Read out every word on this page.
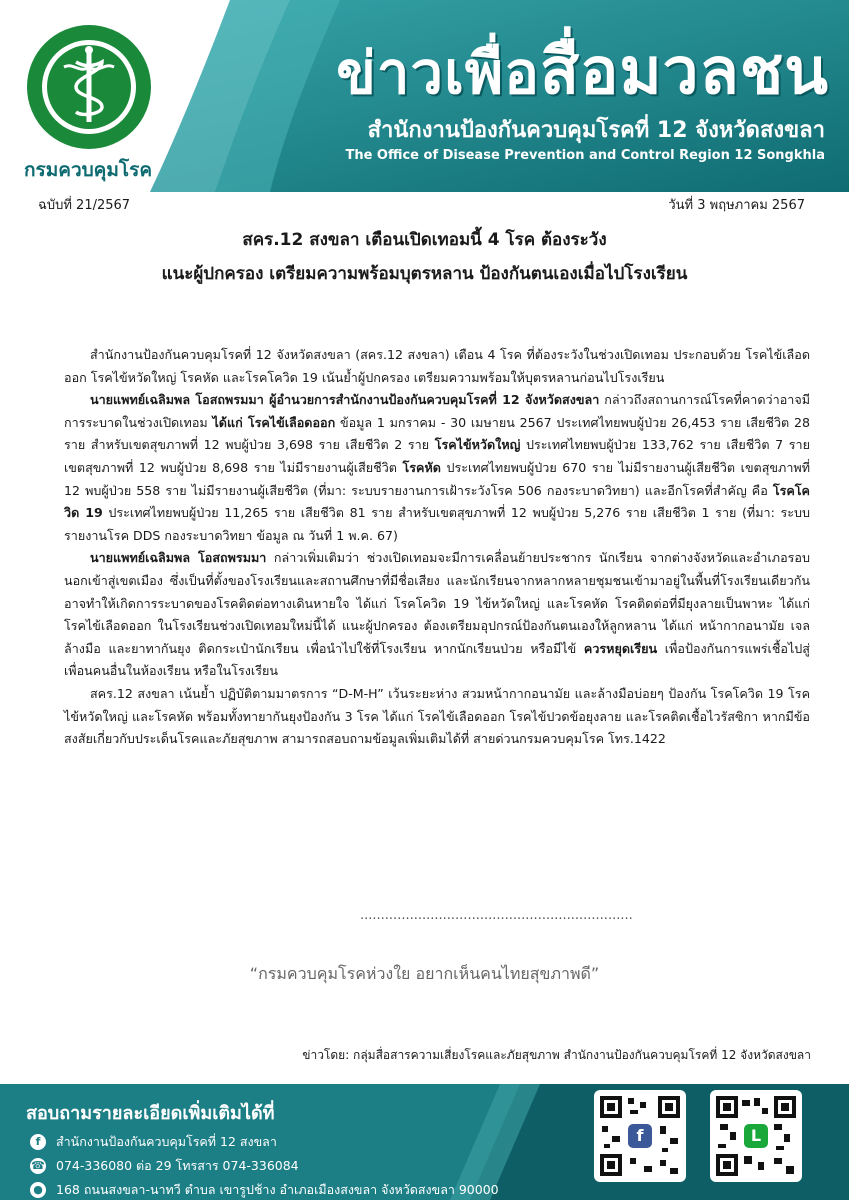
กรมควบคุมโรค
ข่าวเพื่อสื่อมวลชน
สำนักงานป้องกันควบคุมโรคที่ 12 จังหวัดสงขลา
The Office of Disease Prevention and Control Region 12 Songkhla
ฉบับที่ 21/2567	วันที่ 3 พฤษภาคม 2567
สคร.12 สงขลา เตือนเปิดเทอมนี้ 4 โรค ต้องระวัง
แนะผู้ปกครอง เตรียมความพร้อมบุตรหลาน ป้องกันตนเองเมื่อไปโรงเรียน

สำนักงานป้องกันควบคุมโรคที่ 12 จังหวัดสงขลา (สคร.12 สงขลา) เตือน 4 โรค ที่ต้องระวังในช่วงเปิดเทอม ประกอบด้วย โรคไข้เลือดออก โรคไข้หวัดใหญ่ โรคหัด และโรคโควิด 19 เน้นย้ำผู้ปกครอง เตรียมความพร้อมให้บุตรหลานก่อนไปโรงเรียน

นายแพทย์เฉลิมพล โอสถพรมมา ผู้อำนวยการสำนักงานป้องกันควบคุมโรคที่ 12 จังหวัดสงขลา กล่าวถึงสถานการณ์โรคที่คาดว่าอาจมีการระบาดในช่วงเปิดเทอม ได้แก่ โรคไข้เลือดออก ข้อมูล 1 มกราคม - 30 เมษายน 2567 ประเทศไทยพบผู้ป่วย 26,453 ราย เสียชีวิต 28 ราย สำหรับเขตสุขภาพที่ 12 พบผู้ป่วย 3,698 ราย เสียชีวิต 2 ราย โรคไข้หวัดใหญ่ ประเทศไทยพบผู้ป่วย 133,762 ราย เสียชีวิต 7 ราย เขตสุขภาพที่ 12 พบผู้ป่วย 8,698 ราย ไม่มีรายงานผู้เสียชีวิต โรคหัด ประเทศไทยพบผู้ป่วย 670 ราย ไม่มีรายงานผู้เสียชีวิต เขตสุขภาพที่ 12 พบผู้ป่วย 558 ราย ไม่มีรายงานผู้เสียชีวิต (ที่มา: ระบบรายงานการเฝ้าระวังโรค 506 กองระบาดวิทยา) และอีกโรคที่สำคัญ คือ โรคโควิด 19 ประเทศไทยพบผู้ป่วย 11,265 ราย เสียชีวิต 81 ราย สำหรับเขตสุขภาพที่ 12 พบผู้ป่วย 5,276 ราย เสียชีวิต 1 ราย (ที่มา: ระบบรายงานโรค DDS กองระบาดวิทยา ข้อมูล ณ วันที่ 1 พ.ค. 67)

นายแพทย์เฉลิมพล โอสถพรมมา กล่าวเพิ่มเติมว่า ช่วงเปิดเทอมจะมีการเคลื่อนย้ายประชากร นักเรียน จากต่างจังหวัดและอำเภอรอบนอกเข้าสู่เขตเมือง ซึ่งเป็นที่ตั้งของโรงเรียนและสถานศึกษาที่มีชื่อเสียง และนักเรียนจากหลากหลายชุมชนเข้ามาอยู่ในพื้นที่โรงเรียนเดียวกัน อาจทำให้เกิดการระบาดของโรคติดต่อทางเดินหายใจ ได้แก่ โรคโควิด 19 ไข้หวัดใหญ่ และโรคหัด โรคติดต่อที่มียุงลายเป็นพาหะ ได้แก่ โรคไข้เลือดออก ในโรงเรียนช่วงเปิดเทอมใหม่นี้ได้ แนะผู้ปกครอง ต้องเตรียมอุปกรณ์ป้องกันตนเองให้ลูกหลาน ได้แก่ หน้ากากอนามัย เจลล้างมือ และยาทากันยุง ติดกระเป๋านักเรียน เพื่อนำไปใช้ที่โรงเรียน หากนักเรียนป่วย หรือมีไข้ ควรหยุดเรียน เพื่อป้องกันการแพร่เชื้อไปสู่เพื่อนคนอื่นในห้องเรียน หรือในโรงเรียน

สคร.12 สงขลา เน้นย้ำ ปฏิบัติตามมาตรการ “D-M-H” เว้นระยะห่าง สวมหน้ากากอนามัย และล้างมือบ่อยๆ ป้องกัน โรคโควิด 19 โรคไข้หวัดใหญ่ และโรคหัด พร้อมทั้งทายากันยุงป้องกัน 3 โรค ได้แก่ โรคไข้เลือดออก โรคไข้ปวดข้อยุงลาย และโรคติดเชื้อไวรัสซิกา หากมีข้อสงสัยเกี่ยวกับประเด็นโรคและภัยสุขภาพ สามารถสอบถามข้อมูลเพิ่มเติมได้ที่ สายด่วนกรมควบคุมโรค โทร.1422

..................................................................
“กรมควบคุมโรคห่วงใย อยากเห็นคนไทยสุขภาพดี”
ข่าวโดย: กลุ่มสื่อสารความเสี่ยงโรคและภัยสุขภาพ สำนักงานป้องกันควบคุมโรคที่ 12 จังหวัดสงขลา
สอบถามรายละเอียดเพิ่มเติมได้ที่
f	สำนักงานป้องกันควบคุมโรคที่ 12 สงขลา
☎ 074-336080 ต่อ 29 โทรสาร 074-336084
● 168 ถนนสงขลา-นาทวี ตำบล เขารูปช้าง อำเภอเมืองสงขลา จังหวัดสงขลา 90000
f	L
